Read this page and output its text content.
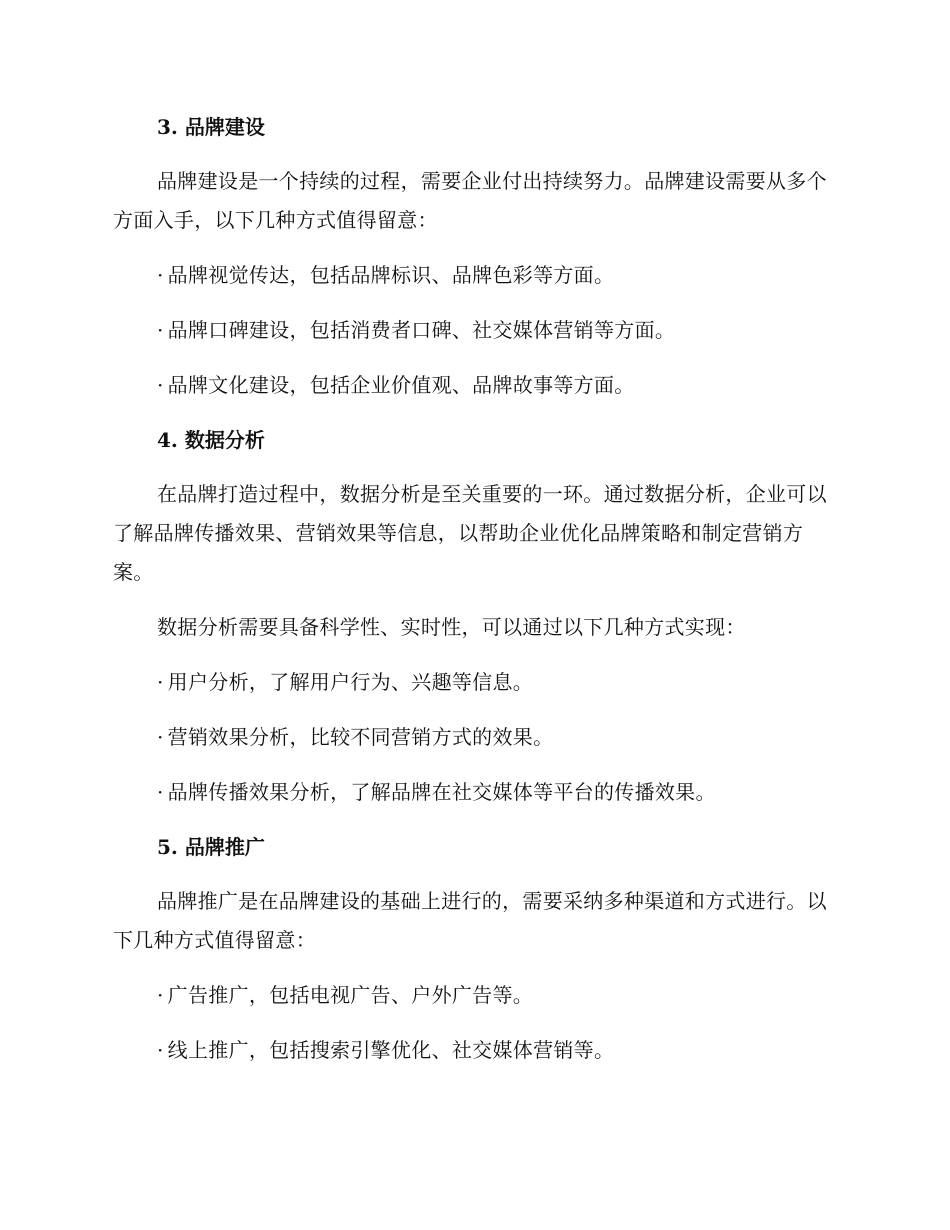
3. 品牌建设

品牌建设是一个持续的过程，需要企业付出持续努力。品牌建设需要从多个方面入手，以下几种方式值得留意：

· 品牌视觉传达，包括品牌标识、品牌色彩等方面。
· 品牌口碑建设，包括消费者口碑、社交媒体营销等方面。
· 品牌文化建设，包括企业价值观、品牌故事等方面。
4. 数据分析

在品牌打造过程中，数据分析是至关重要的一环。通过数据分析，企业可以了解品牌传播效果、营销效果等信息，以帮助企业优化品牌策略和制定营销方案。

数据分析需要具备科学性、实时性，可以通过以下几种方式实现：

· 用户分析，了解用户行为、兴趣等信息。
· 营销效果分析，比较不同营销方式的效果。
· 品牌传播效果分析，了解品牌在社交媒体等平台的传播效果。
5. 品牌推广

品牌推广是在品牌建设的基础上进行的，需要采纳多种渠道和方式进行。以下几种方式值得留意：

· 广告推广，包括电视广告、户外广告等。
· 线上推广，包括搜索引擎优化、社交媒体营销等。
